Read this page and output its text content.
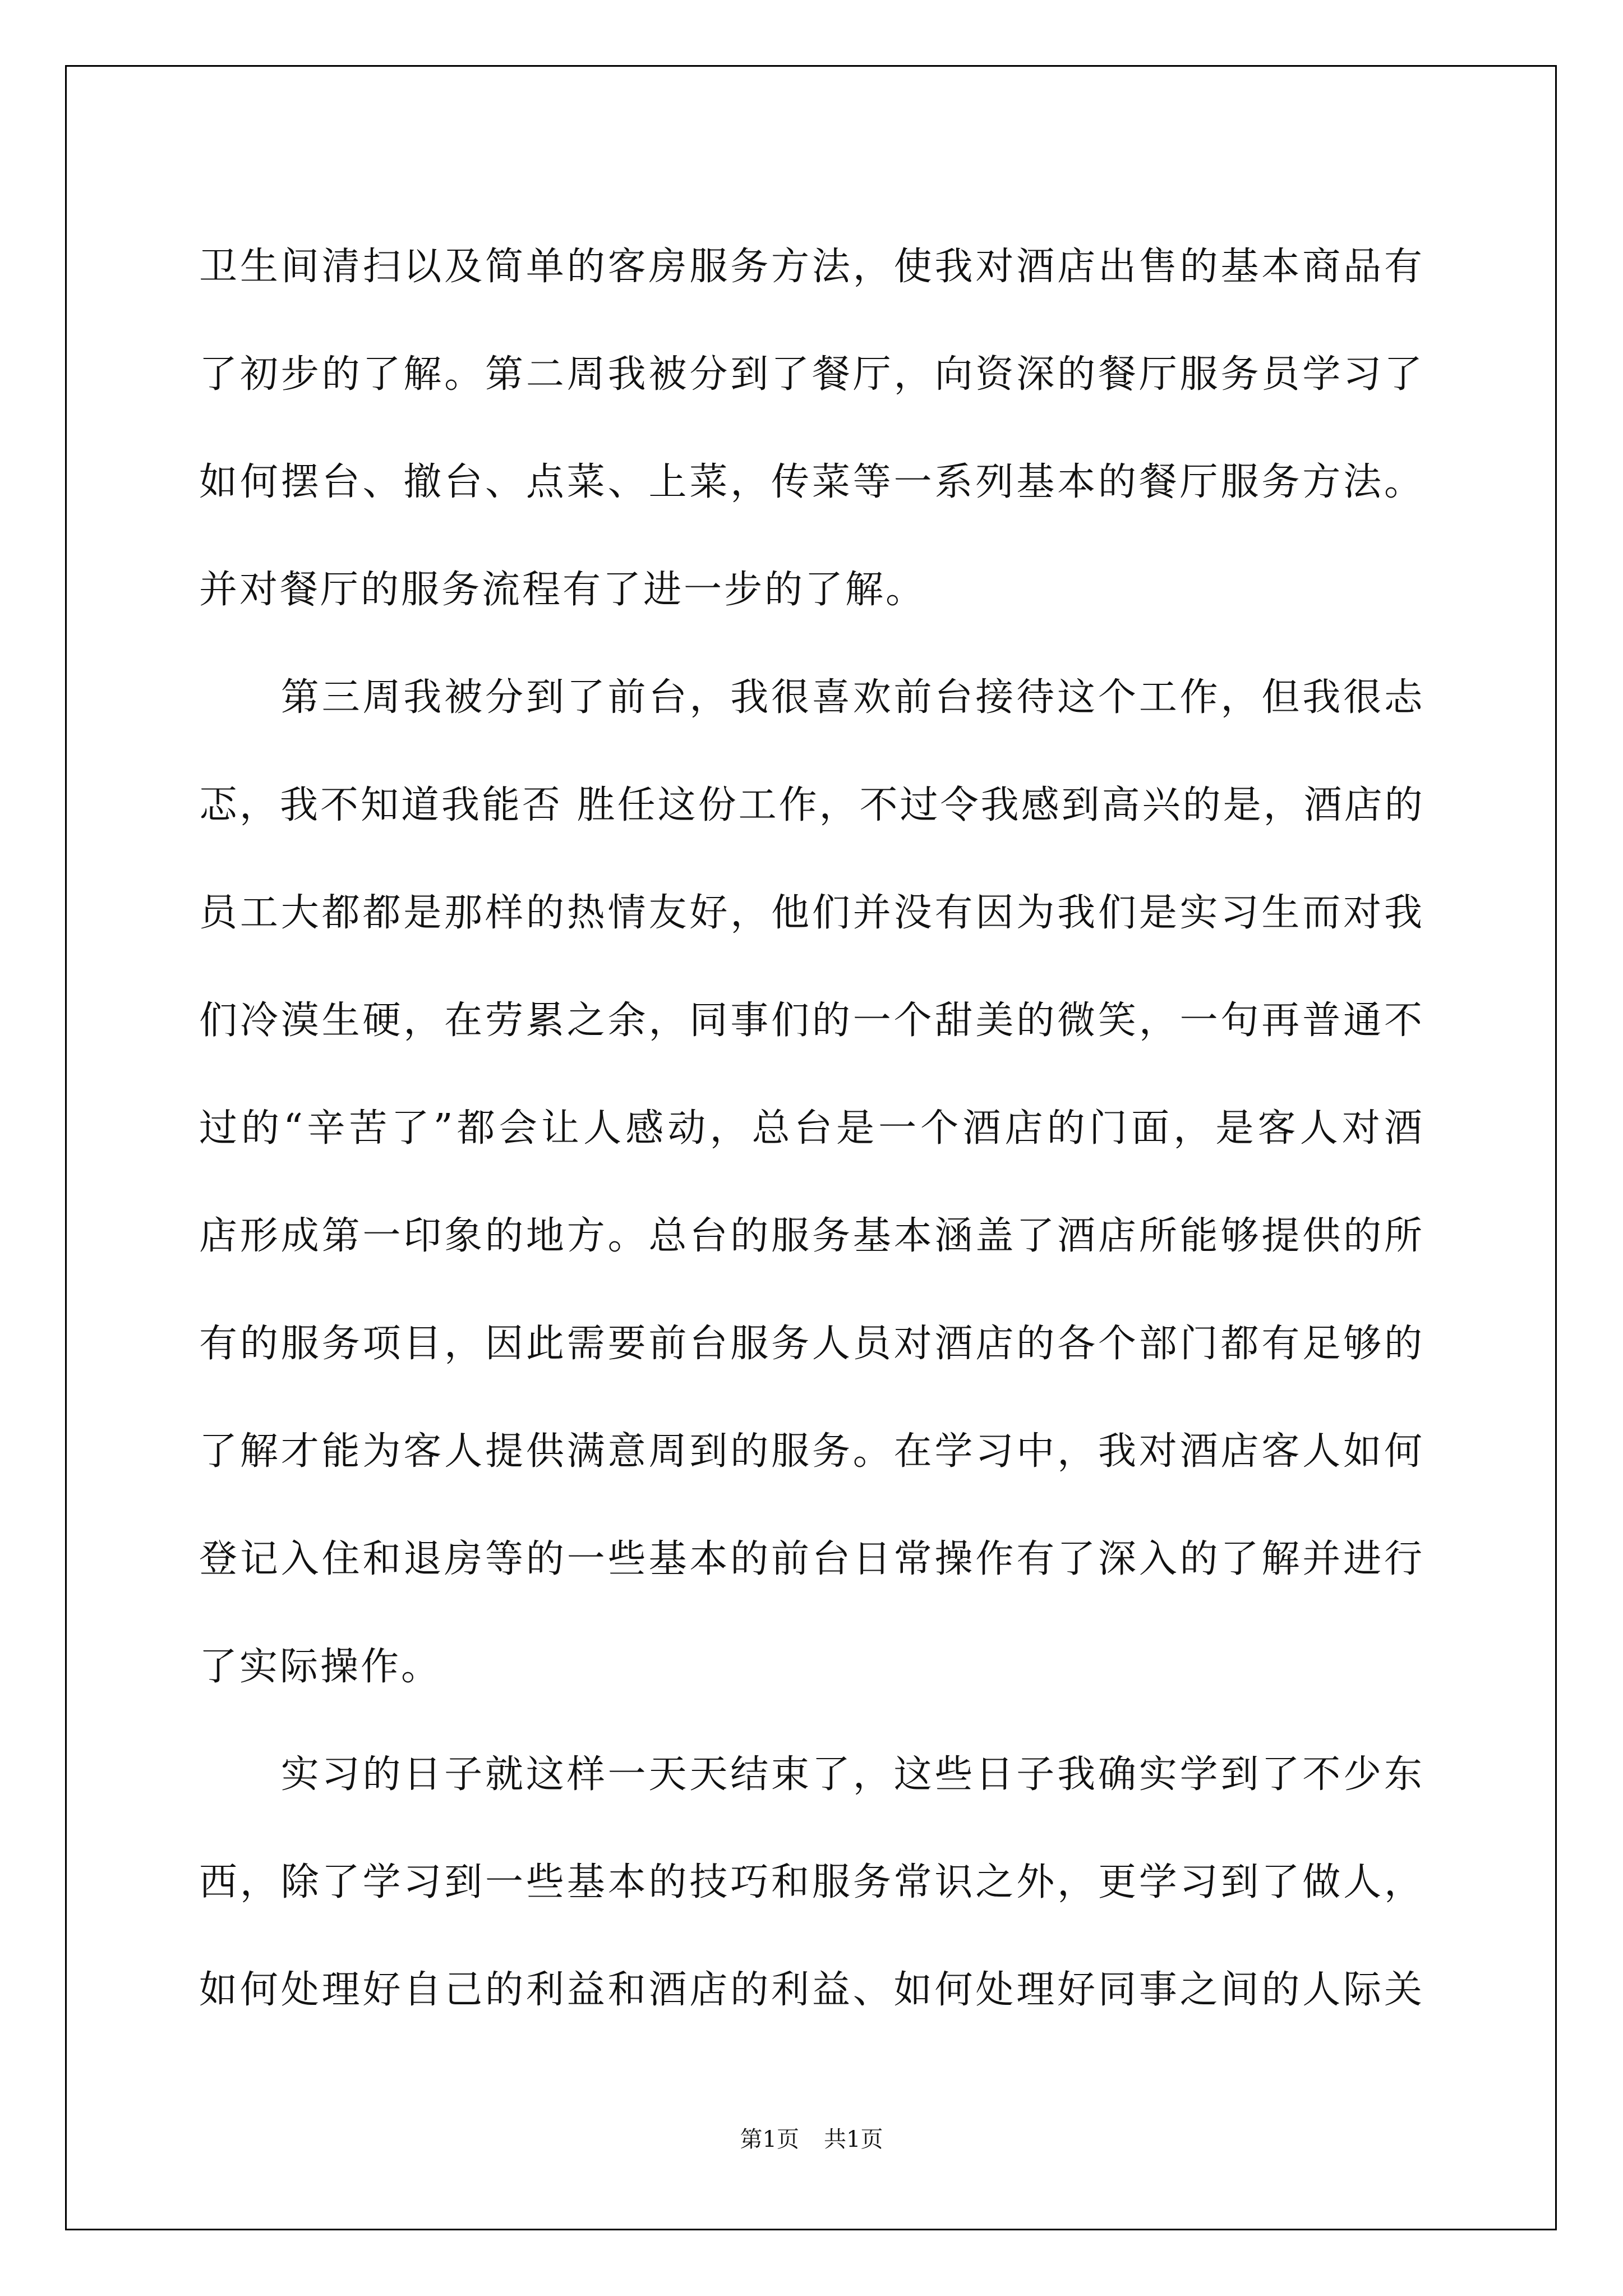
卫生间清扫以及简单的客房服务方法，使我对酒店出售的基本商品有
了初步的了解。第二周我被分到了餐厅，向资深的餐厅服务员学习了
如何摆台、撤台、点菜、上菜，传菜等一系列基本的餐厅服务方法。
并对餐厅的服务流程有了进一步的了解。
　　第三周我被分到了前台，我很喜欢前台接待这个工作，但我很忐
忑，我不知道我能否 胜任这份工作，不过令我感到高兴的是，酒店的
员工大都都是那样的热情友好，他们并没有因为我们是实习生而对我
们冷漠生硬，在劳累之余，同事们的一个甜美的微笑，一句再普通不
过的“辛苦了”都会让人感动，总台是一个酒店的门面，是客人对酒
店形成第一印象的地方。总台的服务基本涵盖了酒店所能够提供的所
有的服务项目，因此需要前台服务人员对酒店的各个部门都有足够的
了解才能为客人提供满意周到的服务。在学习中，我对酒店客人如何
登记入住和退房等的一些基本的前台日常操作有了深入的了解并进行
了实际操作。
　　实习的日子就这样一天天结束了，这些日子我确实学到了不少东
西，除了学习到一些基本的技巧和服务常识之外，更学习到了做人，
如何处理好自己的利益和酒店的利益、如何处理好同事之间的人际关
第1页 共1页
